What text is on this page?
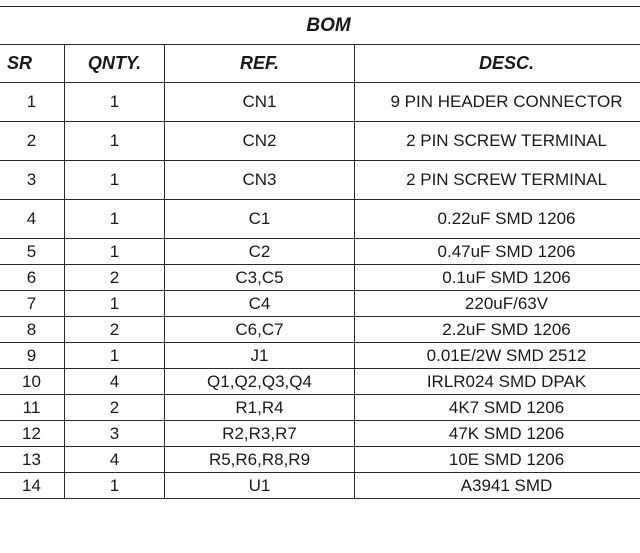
BOM			
SR	QNTY.	REF.	DESC.
1	1	CN1	9 PIN HEADER CONNECTOR
2	1	CN2	2 PIN SCREW TERMINAL
3	1	CN3	2 PIN SCREW TERMINAL
4	1	C1	0.22uF SMD 1206
5	1	C2	0.47uF SMD 1206
6	2	C3,C5	0.1uF SMD 1206
7	1	C4	220uF/63V
8	2	C6,C7	2.2uF SMD 1206
9	1	J1	0.01E/2W SMD 2512
10	4	Q1,Q2,Q3,Q4	IRLR024 SMD DPAK
11	2	R1,R4	4K7 SMD 1206
12	3	R2,R3,R7	47K SMD 1206
13	4	R5,R6,R8,R9	10E SMD 1206
14	1	U1	A3941 SMD
